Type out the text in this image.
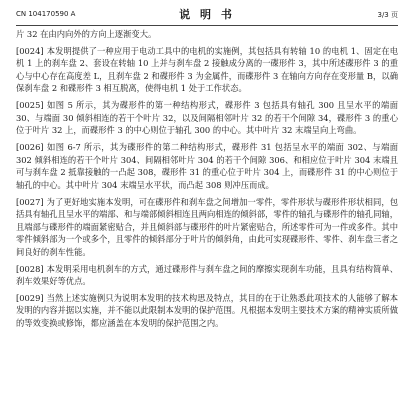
CN 104170590 A	说 明 书	3/3 页

片 32 在由内向外的方向上逐渐变大。

[0024] 本发明提供了一种应用于电动工具中的电机的实施例，其包括具有转轴 10 的电机 1、固定在电机 1 上的刹车盘 2、套设在转轴 10 上并与刹车盘 2 接触成分离的一碟形件 3，其中所述碟形件 3 的重心与中心存在高度差 L，且刹车盘 2 和碟形件 3 为金属件，而碟形件 3 在轴向方向存在变形量 B，以确保刹车盘 2 和碟形件 3 相互脱离，使得电机 1 处于工作状态。

[0025] 如图 5 所示，其为碟形件的第一种结构形式，碟形件 3 包括具有轴孔 300 且呈水平的端面 30、与端面 30 倾斜相连的若干个叶片 32，以及间隔相邻叶片 32 的若干个间隙 34，碟形件 3 的重心位于叶片 32 上，而碟形件 3 的中心则位于轴孔 300 的中心。其中叶片 32 末端呈向上弯曲。

[0026] 如图 6-7 所示，其为碟形件的第二种结构形式，碟形件 31 包括呈水平的端面 302、与端面 302 倾斜相连的若干个叶片 304、间隔相邻叶片 304 的若干个间隙 306、和相应位于叶片 304 末端且可与刹车盘 2 抵靠接触的一凸起 308，碟形件 31 的重心位于叶片 304 上，而碟形件 31 的中心则位于轴孔的中心。其中叶片 304 末端呈水平状，而凸起 308 则冲压而成。

[0027] 为了更好地实施本发明，可在碟形件和刹车盘之间增加一零件，零件形状与碟形件形状相同，包括具有轴孔且呈水平的端部、和与端部倾斜相连且两向相连的倾斜部，零件的轴孔与碟形件的轴孔同轴，且端部与碟形件的端面紧密贴合，并且倾斜部与碟形件的叶片紧密贴合，所述零件可为一件或多件。其中零件倾斜部为一个或多个，且零件的倾斜部分于叶片的倾斜角，由此可实现碟形件、零件、刹车盘三者之间良好的刹车性能。

[0028] 本发明采用电机刹车的方式，通过碟形件与刹车盘之间的摩擦实现刹车功能，且具有结构简单、刹车效果好等优点。

[0029] 当然上述实施例只为说明本发明的技术构思及特点，其目的在于让熟悉此项技术的人能够了解本发明的内容并据以实施，并不能以此限制本发明的保护范围。凡根据本发明主要技术方案的精神实质所做的等效变换或修饰，都应涵盖在本发明的保护范围之内。
